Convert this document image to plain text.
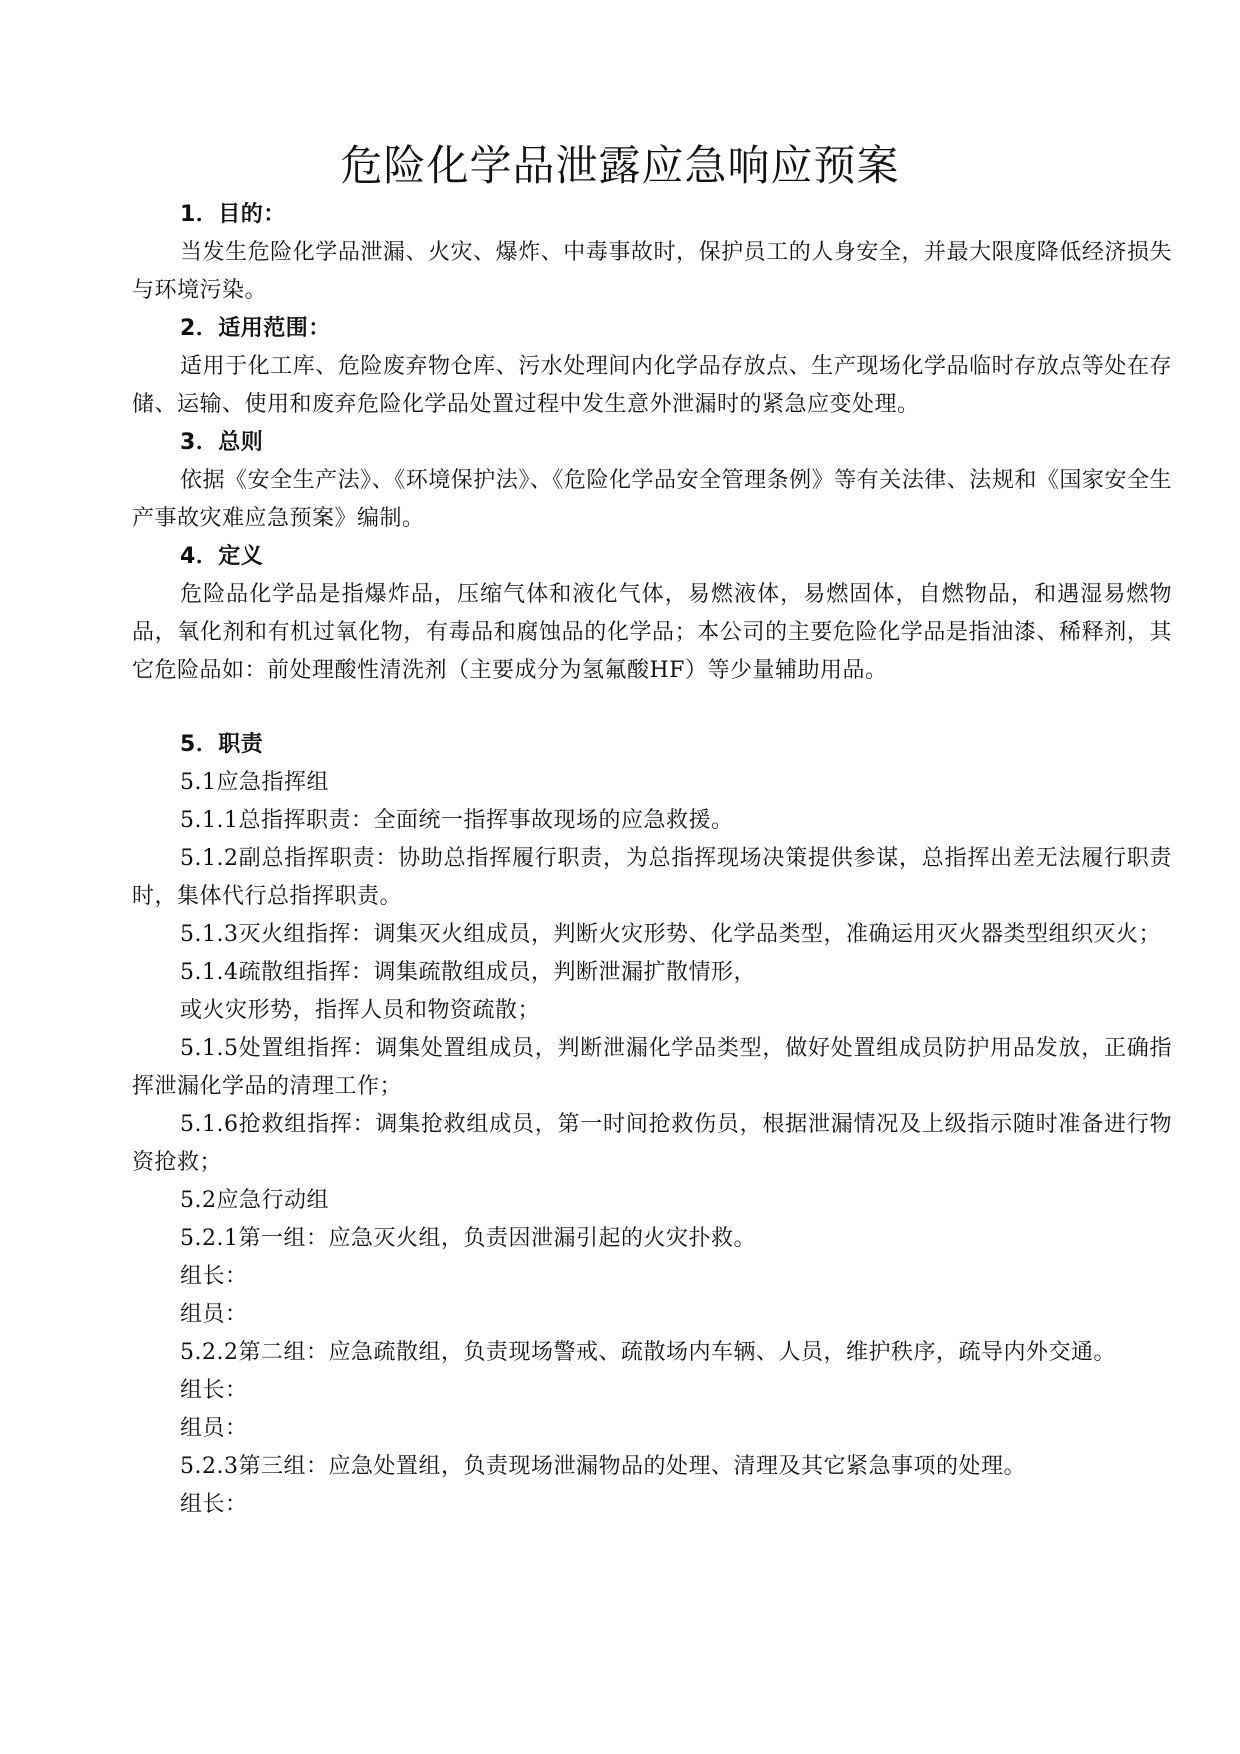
危险化学品泄露应急响应预案

1．目的：

当发生危险化学品泄漏、火灾、爆炸、中毒事故时，保护员工的人身安全，并最大限度降低经济损失与环境污染。

2．适用范围：

适用于化工库、危险废弃物仓库、污水处理间内化学品存放点、生产现场化学品临时存放点等处在存储、运输、使用和废弃危险化学品处置过程中发生意外泄漏时的紧急应变处理。

3．总则

依据《安全生产法》、《环境保护法》、《危险化学品安全管理条例》等有关法律、法规和《国家安全生产事故灾难应急预案》编制。

4．定义

危险品化学品是指爆炸品，压缩气体和液化气体，易燃液体，易燃固体，自燃物品，和遇湿易燃物品，氧化剂和有机过氧化物，有毒品和腐蚀品的化学品；本公司的主要危险化学品是指油漆、稀释剂，其它危险品如：前处理酸性清洗剂（主要成分为氢氟酸HF）等少量辅助用品。

5．职责

5.1应急指挥组

5.1.1总指挥职责：全面统一指挥事故现场的应急救援。

5.1.2副总指挥职责：协助总指挥履行职责，为总指挥现场决策提供参谋，总指挥出差无法履行职责时，集体代行总指挥职责。

5.1.3灭火组指挥：调集灭火组成员，判断火灾形势、化学品类型，准确运用灭火器类型组织灭火；

5.1.4疏散组指挥：调集疏散组成员，判断泄漏扩散情形，

或火灾形势，指挥人员和物资疏散；

5.1.5处置组指挥：调集处置组成员，判断泄漏化学品类型，做好处置组成员防护用品发放，正确指挥泄漏化学品的清理工作；

5.1.6抢救组指挥：调集抢救组成员，第一时间抢救伤员，根据泄漏情况及上级指示随时准备进行物资抢救；

5.2应急行动组

5.2.1第一组：应急灭火组，负责因泄漏引起的火灾扑救。

组长：

组员：

5.2.2第二组：应急疏散组，负责现场警戒、疏散场内车辆、人员，维护秩序，疏导内外交通。

组长：

组员：

5.2.3第三组：应急处置组，负责现场泄漏物品的处理、清理及其它紧急事项的处理。

组长：
